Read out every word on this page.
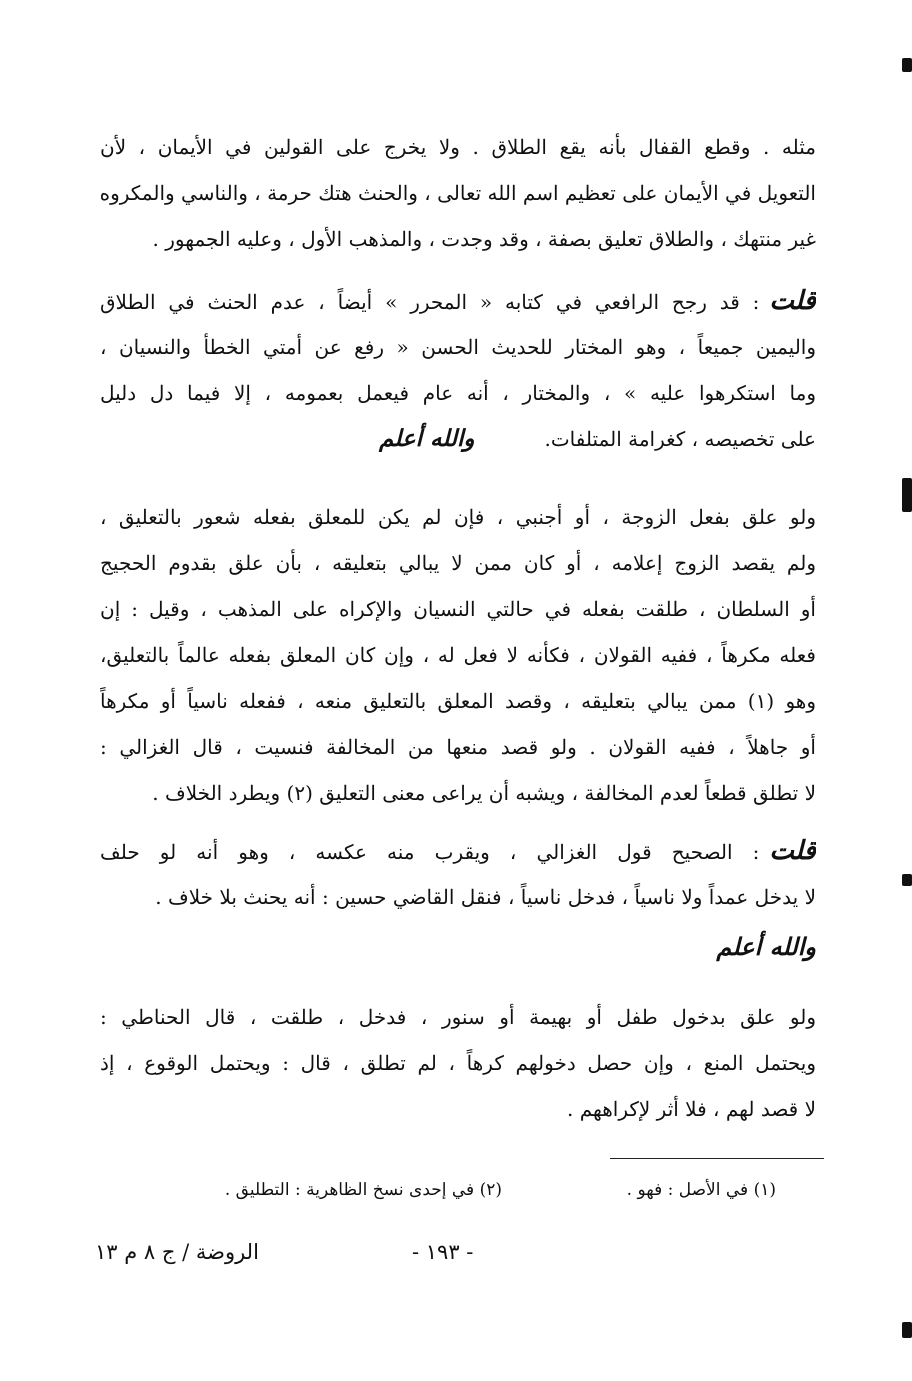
مثله . وقطع القفال بأنه يقع الطلاق . ولا يخرج على القولين في الأيمان ، لأن
التعويل في الأيمان على تعظيم اسم الله تعالى ، والحنث هتك حرمة ، والناسي والمكروه
غير منتهك ، والطلاق تعليق بصفة ، وقد وجدت ، والمذهب الأول ، وعليه الجمهور .
قلت: قد رجح الرافعي في كتابه « المحرر » أيضاً ، عدم الحنث في الطلاق
واليمين جميعاً ، وهو المختار للحديث الحسن « رفع عن أمتي الخطأ والنسيان ،
وما استكرهوا عليه » ، والمختار ، أنه عام فيعمل بعمومه ، إلا فيما دل دليل
على تخصيصه ، كغرامة المتلفات.والله أعلم
ولو علق بفعل الزوجة ، أو أجنبي ، فإن لم يكن للمعلق بفعله شعور بالتعليق ،
ولم يقصد الزوج إعلامه ، أو كان ممن لا يبالي بتعليقه ، بأن علق بقدوم الحجيج
أو السلطان ، طلقت بفعله في حالتي النسيان والإكراه على المذهب ، وقيل : إن
فعله مكرهاً ، ففيه القولان ، فكأنه لا فعل له ، وإن كان المعلق بفعله عالماً بالتعليق،
وهو (١) ممن يبالي بتعليقه ، وقصد المعلق بالتعليق منعه ، ففعله ناسياً أو مكرهاً
أو جاهلاً ، ففيه القولان . ولو قصد منعها من المخالفة فنسيت ، قال الغزالي :
لا تطلق قطعاً لعدم المخالفة ، ويشبه أن يراعى معنى التعليق (٢) ويطرد الخلاف .
قلت: الصحيح قول الغزالي ، ويقرب منه عكسه ، وهو أنه لو حلف
لا يدخل عمداً ولا ناسياً ، فدخل ناسياً ، فنقل القاضي حسين : أنه يحنث بلا خلاف .
والله أعلم
ولو علق بدخول طفل أو بهيمة أو سنور ، فدخل ، طلقت ، قال الحناطي :
ويحتمل المنع ، وإن حصل دخولهم كرهاً ، لم تطلق ، قال : ويحتمل الوقوع ، إذ
لا قصد لهم ، فلا أثر لإكراههم .
(١) في الأصل : فهو .
(٢) في إحدى نسخ الظاهرية : التطليق .
الروضة / ج ٨ م ١٣	- ١٩٣ -
